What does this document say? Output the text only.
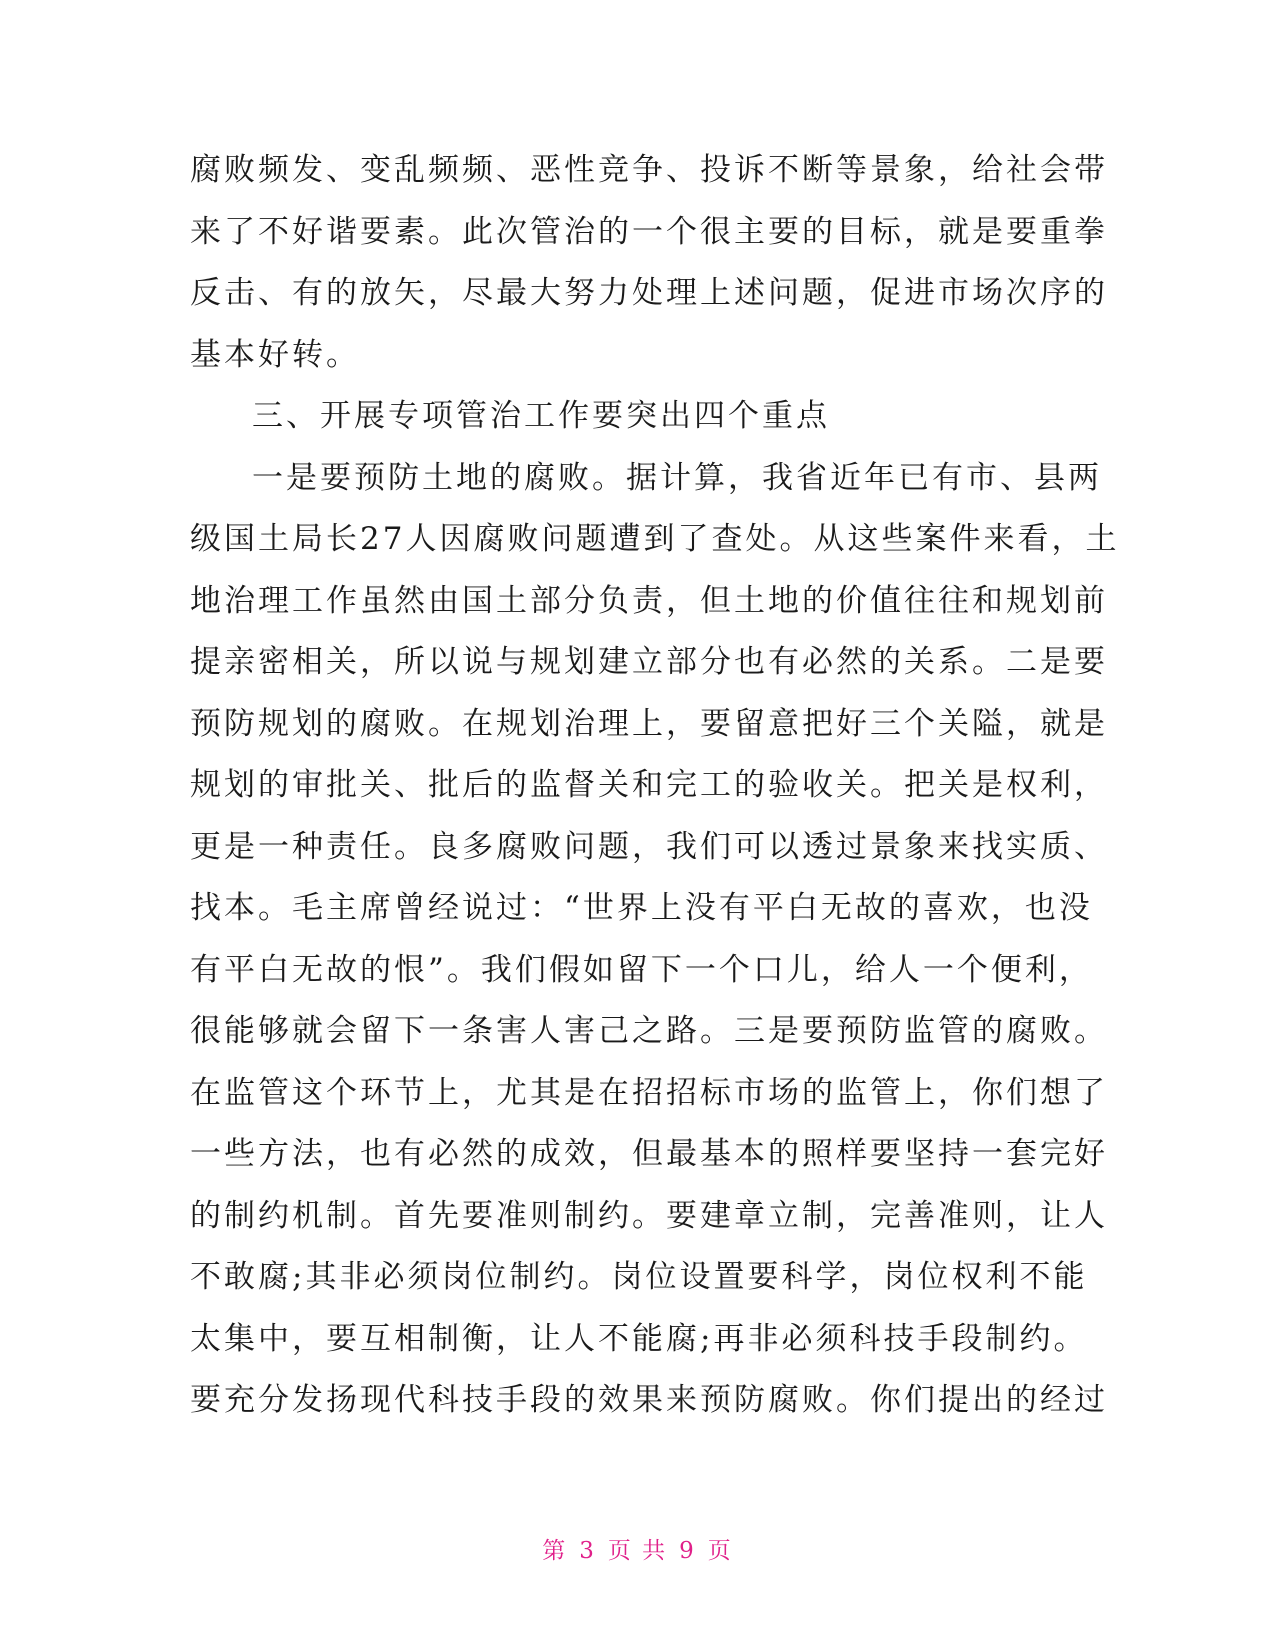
腐败频发、变乱频频、恶性竞争、投诉不断等景象，给社会带
来了不好谐要素。此次管治的一个很主要的目标，就是要重拳
反击、有的放矢，尽最大努力处理上述问题，促进市场次序的
基本好转。
三、开展专项管治工作要突出四个重点
一是要预防土地的腐败。据计算，我省近年已有市、县两
级国土局长27人因腐败问题遭到了查处。从这些案件来看，土
地治理工作虽然由国土部分负责，但土地的价值往往和规划前
提亲密相关，所以说与规划建立部分也有必然的关系。二是要
预防规划的腐败。在规划治理上，要留意把好三个关隘，就是
规划的审批关、批后的监督关和完工的验收关。把关是权利，
更是一种责任。良多腐败问题，我们可以透过景象来找实质、
找本。毛主席曾经说过：“世界上没有平白无故的喜欢，也没
有平白无故的恨”。我们假如留下一个口儿，给人一个便利，
很能够就会留下一条害人害己之路。三是要预防监管的腐败。
在监管这个环节上，尤其是在招招标市场的监管上，你们想了
一些方法，也有必然的成效，但最基本的照样要坚持一套完好
的制约机制。首先要准则制约。要建章立制，完善准则，让人
不敢腐;其非必须岗位制约。岗位设置要科学，岗位权利不能
太集中，要互相制衡，让人不能腐;再非必须科技手段制约。
要充分发扬现代科技手段的效果来预防腐败。你们提出的经过
第 3 页 共 9 页
